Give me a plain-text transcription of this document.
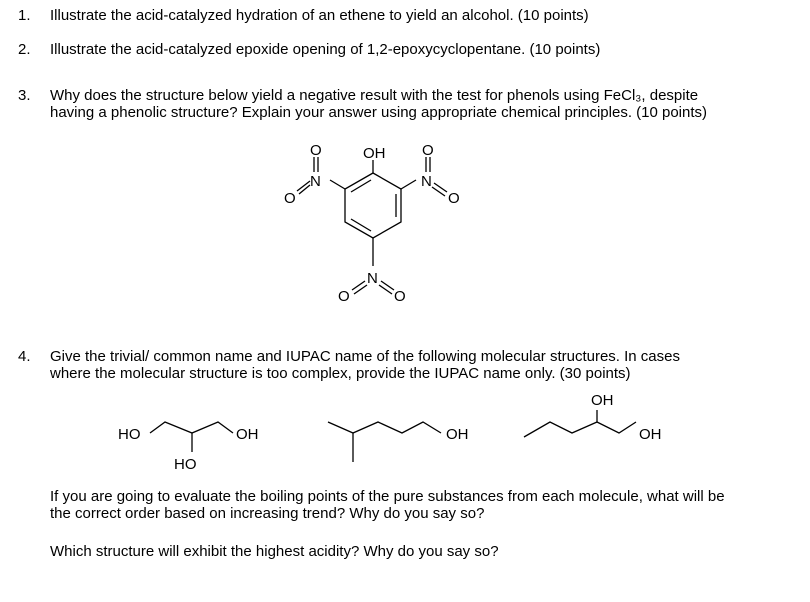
1. Illustrate the acid-catalyzed hydration of an ethene to yield an alcohol. (10 points)
2. Illustrate the acid-catalyzed epoxide opening of 1,2-epoxycyclopentane. (10 points)
3. Why does the structure below yield a negative result with the test for phenols using FeCl₃, despite
having a phenolic structure? Explain your answer using appropriate chemical principles. (10 points)
OH
N
O
O
N
O
O
N
O	O
4. Give the trivial/ common name and IUPAC name of the following molecular structures. In cases
where the molecular structure is too complex, provide the IUPAC name only. (30 points)
HO
HO
OH	OH
OH
OH
If you are going to evaluate the boiling points of the pure substances from each molecule, what will be
the correct order based on increasing trend? Why do you say so?
Which structure will exhibit the highest acidity? Why do you say so?
